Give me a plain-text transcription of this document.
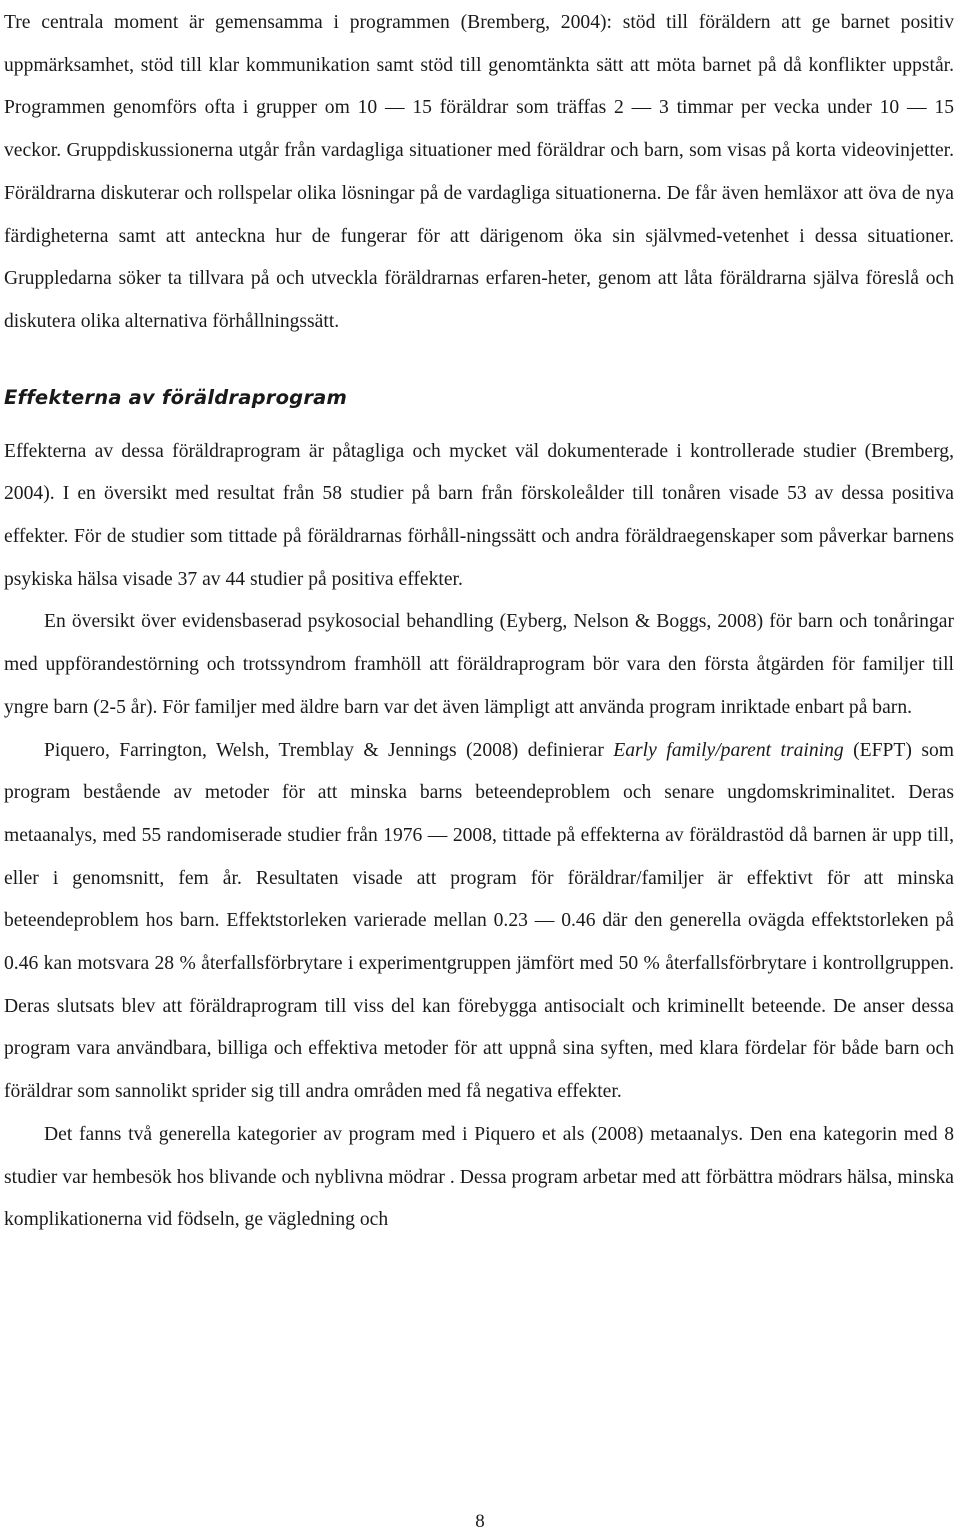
Tre centrala moment är gemensamma i programmen (Bremberg, 2004): stöd till föräldern att ge barnet positiv uppmärksamhet, stöd till klar kommunikation samt stöd till genomtänkta sätt att möta barnet på då konflikter uppstår. Programmen genomförs ofta i grupper om 10 — 15 föräldrar som träffas 2 — 3 timmar per vecka under 10 — 15 veckor. Gruppdiskussionerna utgår från vardagliga situationer med föräldrar och barn, som visas på korta videovinjetter. Föräldrarna diskuterar och rollspelar olika lösningar på de vardagliga situationerna. De får även hemläxor att öva de nya färdigheterna samt att anteckna hur de fungerar för att därigenom öka sin självmed-vetenhet i dessa situationer. Gruppledarna söker ta tillvara på och utveckla föräldrarnas erfaren-heter, genom att låta föräldrarna själva föreslå och diskutera olika alternativa förhållningssätt.

Effekterna av föräldraprogram

Effekterna av dessa föräldraprogram är påtagliga och mycket väl dokumenterade i kontrollerade studier (Bremberg, 2004). I en översikt med resultat från 58 studier på barn från förskoleålder till tonåren visade 53 av dessa positiva effekter. För de studier som tittade på föräldrarnas förhåll-ningssätt och andra föräldraegenskaper som påverkar barnens psykiska hälsa visade 37 av 44 studier på positiva effekter.

En översikt över evidensbaserad psykosocial behandling (Eyberg, Nelson & Boggs, 2008) för barn och tonåringar med uppförandestörning och trotssyndrom framhöll att föräldraprogram bör vara den första åtgärden för familjer till yngre barn (2-5 år). För familjer med äldre barn var det även lämpligt att använda program inriktade enbart på barn.

Piquero, Farrington, Welsh, Tremblay & Jennings (2008) definierar Early family/parent training (EFPT) som program bestående av metoder för att minska barns beteendeproblem och senare ungdomskriminalitet. Deras metaanalys, med 55 randomiserade studier från 1976 — 2008, tittade på effekterna av föräldrastöd då barnen är upp till, eller i genomsnitt, fem år. Resultaten visade att program för föräldrar/familjer är effektivt för att minska beteendeproblem hos barn. Effektstorleken varierade mellan 0.23 — 0.46 där den generella ovägda effektstorleken på 0.46 kan motsvara 28 % återfallsförbrytare i experimentgruppen jämfört med 50 % återfallsförbrytare i kontrollgruppen. Deras slutsats blev att föräldraprogram till viss del kan förebygga antisocialt och kriminellt beteende. De anser dessa program vara användbara, billiga och effektiva metoder för att uppnå sina syften, med klara fördelar för både barn och föräldrar som sannolikt sprider sig till andra områden med få negativa effekter.

Det fanns två generella kategorier av program med i Piquero et als (2008) metaanalys. Den ena kategorin med 8 studier var hembesök hos blivande och nyblivna mödrar . Dessa program arbetar med att förbättra mödrars hälsa, minska komplikationerna vid födseln, ge vägledning och

8
